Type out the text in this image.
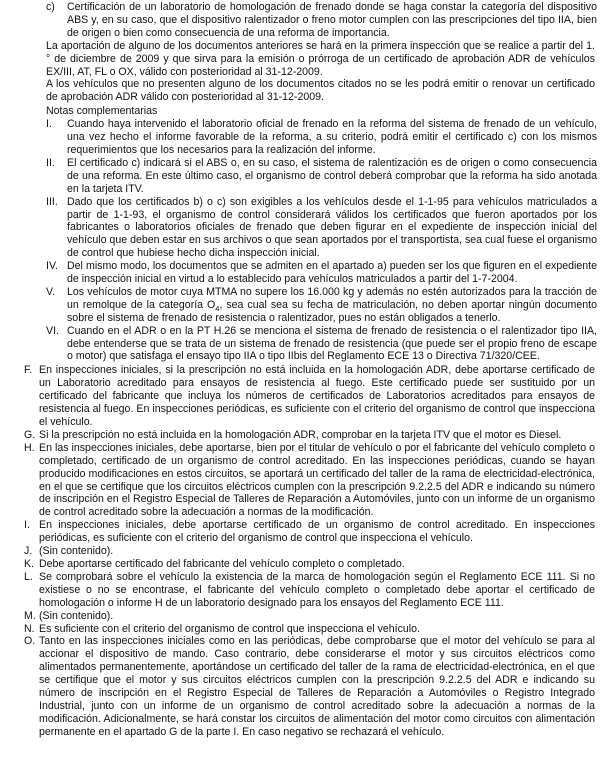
c) Certificación de un laboratorio de homologación de frenado donde se haga constar la categoría del dispositivo ABS y, en su caso, que el dispositivo ralentizador o freno motor cumplen con las prescripciones del tipo IIA, bien de origen o bien como consecuencia de una reforma de importancia.
La aportación de alguno de los documentos anteriores se hará en la primera inspección que se realice a partir del 1.° de diciembre de 2009 y que sirva para la emisión o prórroga de un certificado de aprobación ADR de vehículos EX/III, AT, FL o OX, válido con posterioridad al 31-12-2009.
A los vehículos que no presenten alguno de los documentos citados no se les podrá emitir o renovar un certificado de aprobación ADR válido con posterioridad al 31-12-2009.
Notas complementarias
I. Cuando haya intervenido el laboratorio oficial de frenado en la reforma del sistema de frenado de un vehículo, una vez hecho el informe favorable de la reforma, a su criterio, podrá emitir el certificado c) con los mismos requerimientos que los necesarios para la realización del informe.
II. El certificado c) indicará si el ABS o, en su caso, el sistema de ralentización es de origen o como consecuencia de una reforma. En este último caso, el organismo de control deberá comprobar que la reforma ha sido anotada en la tarjeta ITV.
III. Dado que los certificados b) o c) son exigibles a los vehículos desde el 1-1-95 para vehículos matriculados a partir de 1-1-93, el organismo de control considerará válidos los certificados que fueron aportados por los fabricantes o laboratorios oficiales de frenado que deben figurar en el expediente de inspección inicial del vehículo que deben estar en sus archivos o que sean aportados por el transportista, sea cual fuese el organismo de control que hubiese hecho dicha inspección inicial.
IV. Del mismo modo, los documentos que se admiten en el apartado a) pueden ser los que figuren en el expediente de inspección inicial en virtud a lo establecido para vehículos matriculados a partir del 1-7-2004.
V. Los vehículos de motor cuya MTMA no supere los 16.000 kg y además no estén autorizados para la tracción de un remolque de la categoría $O_4$, sea cual sea su fecha de matriculación, no deben aportar ningún documento sobre el sistema de frenado de resistencia o ralentizador, pues no están obligados a tenerlo.
VI. Cuando en el ADR o en la PT H.26 se menciona el sistema de frenado de resistencia o el ralentizador tipo IIA, debe entenderse que se trata de un sistema de frenado de resistencia (que puede ser el propio freno de escape o motor) que satisfaga el ensayo tipo IIA o tipo IIbis del Reglamento ECE 13 o Directiva 71/320/CEE.
F. En inspecciones iniciales, si la prescripción no está incluida en la homologación ADR, debe aportarse certificado de un Laboratorio acreditado para ensayos de resistencia al fuego. Este certificado puede ser sustituido por un certificado del fabricante que incluya los números de certificados de Laboratorios acreditados para ensayos de resistencia al fuego. En inspecciones periódicas, es suficiente con el criterio del organismo de control que inspecciona el vehículo.
G. Si la prescripción no está incluida en la homologación ADR, comprobar en la tarjeta ITV que el motor es Diesel.
H. En las inspecciones iniciales, debe aportarse, bien por el titular de vehículo o por el fabricante del vehículo completo o completado, certificado de un organismo de control acreditado. En las inspecciones periódicas, cuando se hayan producido modificaciones en estos circuitos, se aportará un certificado del taller de la rama de electricidad-electrónica, en el que se certifique que los circuitos eléctricos cumplen con la prescripción 9.2.2.5 del ADR e indicando su número de inscripción en el Registro Especial de Talleres de Reparación a Automóviles, junto con un informe de un organismo de control acreditado sobre la adecuación a normas de la modificación.
I. En inspecciones iniciales, debe aportarse certificado de un organismo de control acreditado. En inspecciones periódicas, es suficiente con el criterio del organismo de control que inspecciona el vehículo.
J. (Sin contenido).
K. Debe aportarse certificado del fabricante del vehículo completo o completado.
L. Se comprobará sobre el vehículo la existencia de la marca de homologación según el Reglamento ECE 111. Si no existiese o no se encontrase, el fabricante del vehículo completo o completado debe aportar el certificado de homologación o informe H de un laboratorio designado para los ensayos del Reglamento ECE 111.
M. (Sin contenido).
N. Es suficiente con el criterio del organismo de control que inspecciona el vehículo.
O. Tanto en las inspecciones iniciales como en las periódicas, debe comprobarse que el motor del vehículo se para al accionar el dispositivo de mando. Caso contrario, debe considerarse el motor y sus circuitos eléctricos como alimentados permanentemente, aportándose un certificado del taller de la rama de electricidad-electrónica, en el que se certifique que el motor y sus circuitos eléctricos cumplen con la prescripción 9.2.2.5 del ADR e indicando su número de inscripción en el Registro Especial de Talleres de Reparación a Automóviles o Registro Integrado Industrial, junto con un informe de un organismo de control acreditado sobre la adecuación a normas de la modificación. Adicionalmente, se hará constar los circuitos de alimentación del motor como circuitos con alimentación permanente en el apartado G de la parte I. En caso negativo se rechazará el vehículo.
